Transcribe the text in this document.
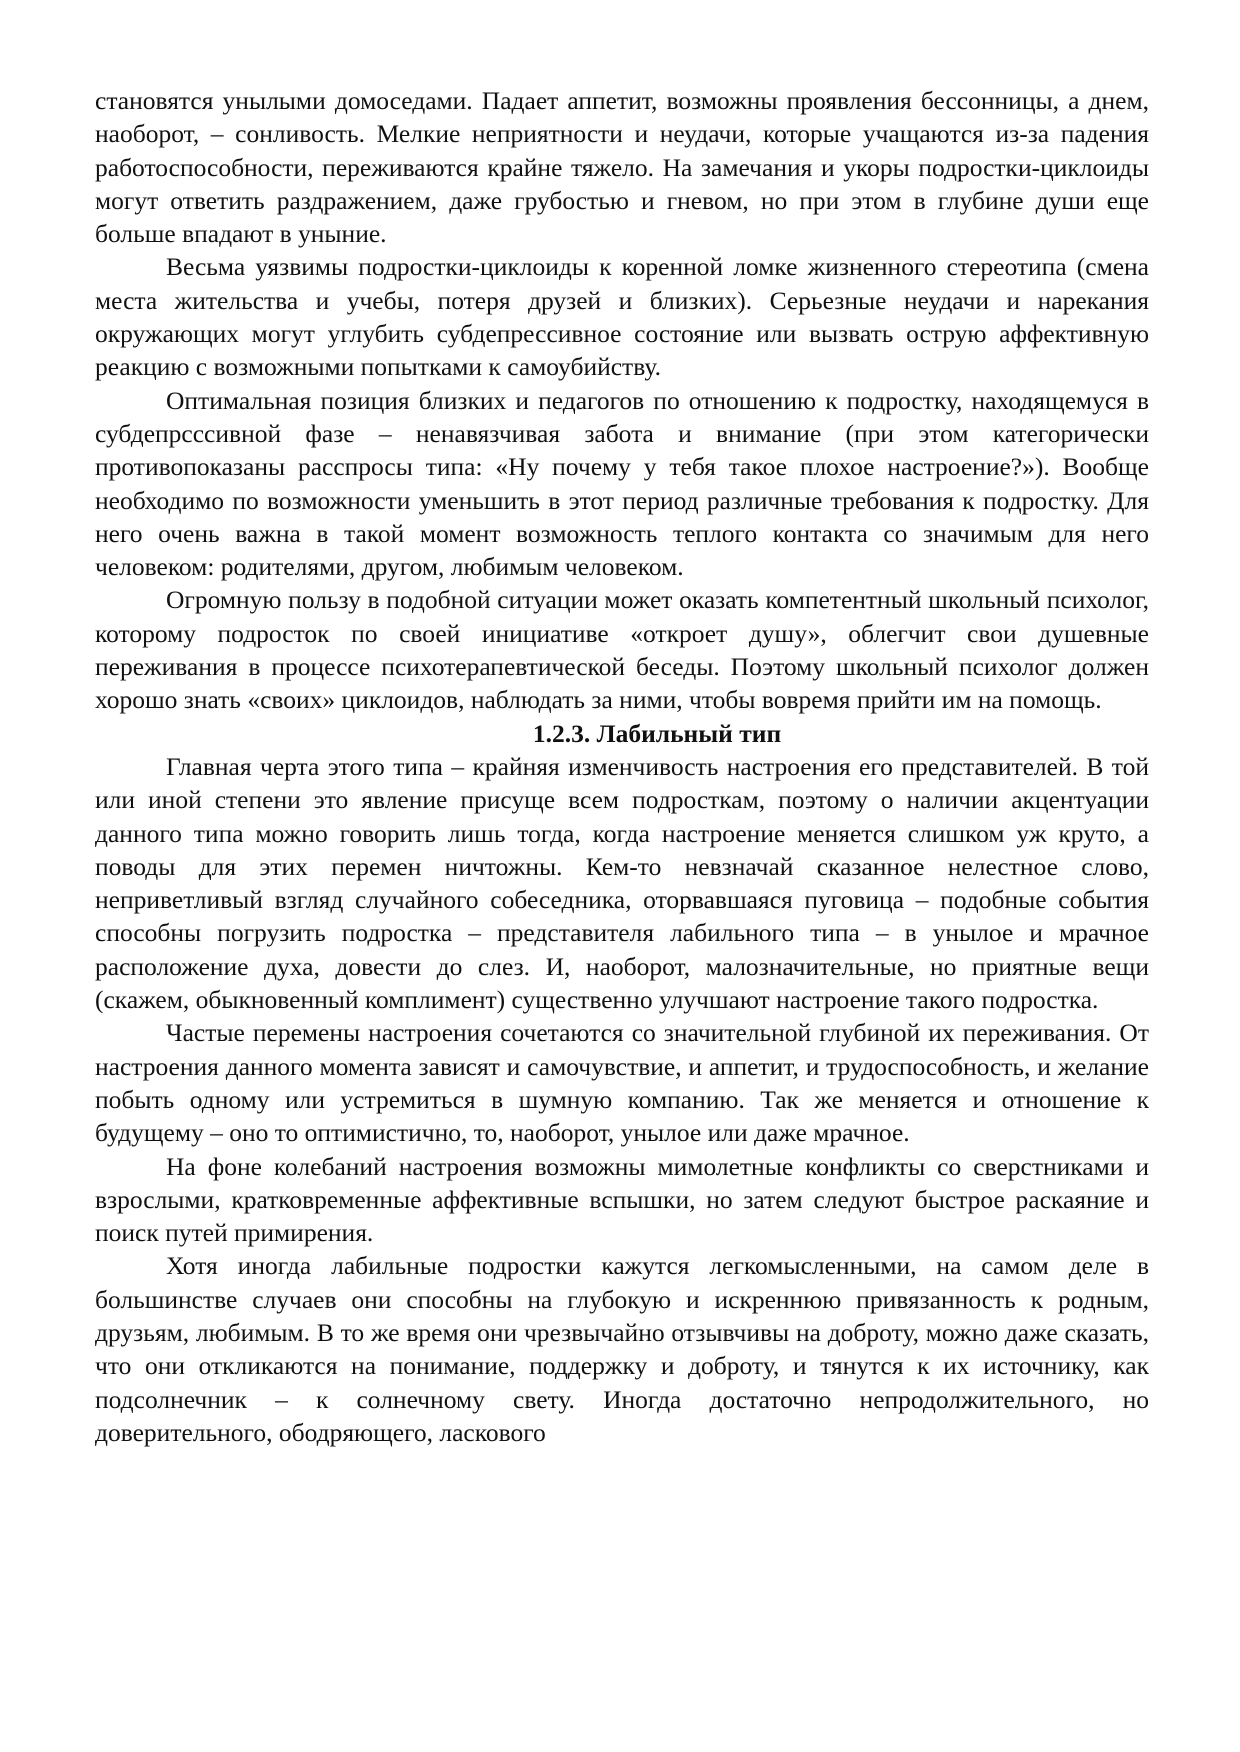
становятся унылыми домоседами. Падает аппетит, возможны проявления бессонницы, а днем, наоборот, – сонливость. Мелкие неприятности и неудачи, которые учащаются из-за падения работоспособности, переживаются крайне тяжело. На замечания и укоры подростки-циклоиды могут ответить раздражением, даже грубостью и гневом, но при этом в глубине души еще больше впадают в уныние.

Весьма уязвимы подростки-циклоиды к коренной ломке жизненного стереотипа (смена места жительства и учебы, потеря друзей и близких). Серьезные неудачи и нарекания окружающих могут углубить субдепрессивное состояние или вызвать острую аффективную реакцию с возможными попытками к самоубийству.

Оптимальная позиция близких и педагогов по отношению к подростку, находящемуся в субдепрсссивной фазе – ненавязчивая забота и внимание (при этом категорически противопоказаны расспросы типа: «Ну почему у тебя такое плохое настроение?»). Вообще необходимо по возможности уменьшить в этот период различные требования к подростку. Для него очень важна в такой момент возможность теплого контакта со значимым для него человеком: родителями, другом, любимым человеком.

Огромную пользу в подобной ситуации может оказать компетентный школьный психолог, которому подросток по своей инициативе «откроет душу», облегчит свои душевные переживания в процессе психотерапевтической беседы. Поэтому школьный психолог должен хорошо знать «своих» циклоидов, наблюдать за ними, чтобы вовремя прийти им на помощь.

1.2.3. Лабильный тип

Главная черта этого типа – крайняя изменчивость настроения его представителей. В той или иной степени это явление присуще всем подросткам, поэтому о наличии акцентуации данного типа можно говорить лишь тогда, когда настроение меняется слишком уж круто, а поводы для этих перемен ничтожны. Кем-то невзначай сказанное нелестное слово, неприветливый взгляд случайного собеседника, оторвавшаяся пуговица – подобные события способны погрузить подростка – представителя лабильного типа – в унылое и мрачное расположение духа, довести до слез. И, наоборот, малозначительные, но приятные вещи (скажем, обыкновенный комплимент) существенно улучшают настроение такого подростка.

Частые перемены настроения сочетаются со значительной глубиной их переживания. От настроения данного момента зависят и самочувствие, и аппетит, и трудоспособность, и желание побыть одному или устремиться в шумную компанию. Так же меняется и отношение к будущему – оно то оптимистично, то, наоборот, унылое или даже мрачное.

На фоне колебаний настроения возможны мимолетные конфликты со сверстниками и взрослыми, кратковременные аффективные вспышки, но затем следуют быстрое раскаяние и поиск путей примирения.

Хотя иногда лабильные подростки кажутся легкомысленными, на самом деле в большинстве случаев они способны на глубокую и искреннюю привязанность к родным, друзьям, любимым. В то же время они чрезвычайно отзывчивы на доброту, можно даже сказать, что они откликаются на понимание, поддержку и доброту, и тянутся к их источнику, как подсолнечник – к солнечному свету. Иногда достаточно непродолжительного, но доверительного, ободряющего, ласкового
